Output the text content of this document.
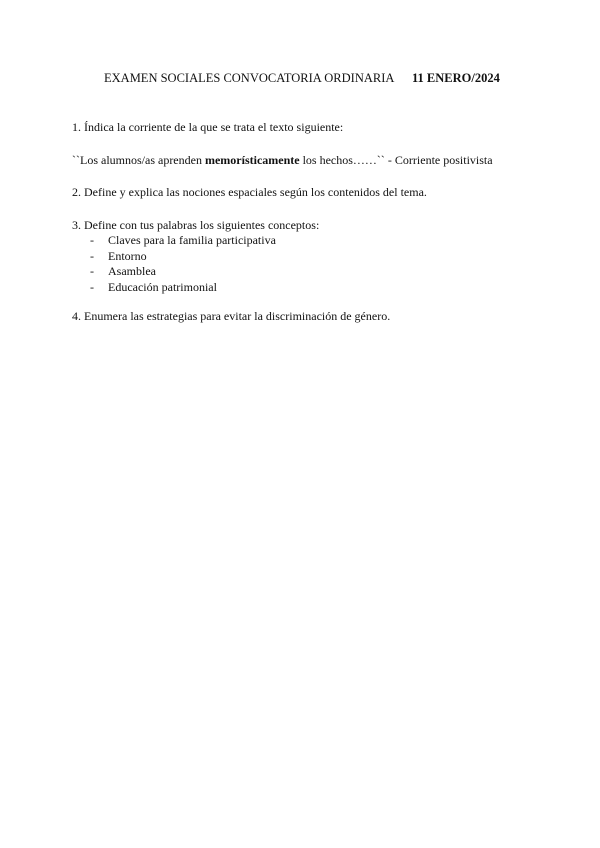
EXAMEN SOCIALES CONVOCATORIA ORDINARIA 11 ENERO/2024

1. Índica la corriente de la que se trata el texto siguiente:

``Los alumnos/as aprenden memorísticamente los hechos……`` - Corriente positivista

2. Define y explica las nociones espaciales según los contenidos del tema.

3. Define con tus palabras los siguientes conceptos:

- Claves para la familia participativa
- Entorno
- Asamblea
- Educación patrimonial

4. Enumera las estrategias para evitar la discriminación de género.
